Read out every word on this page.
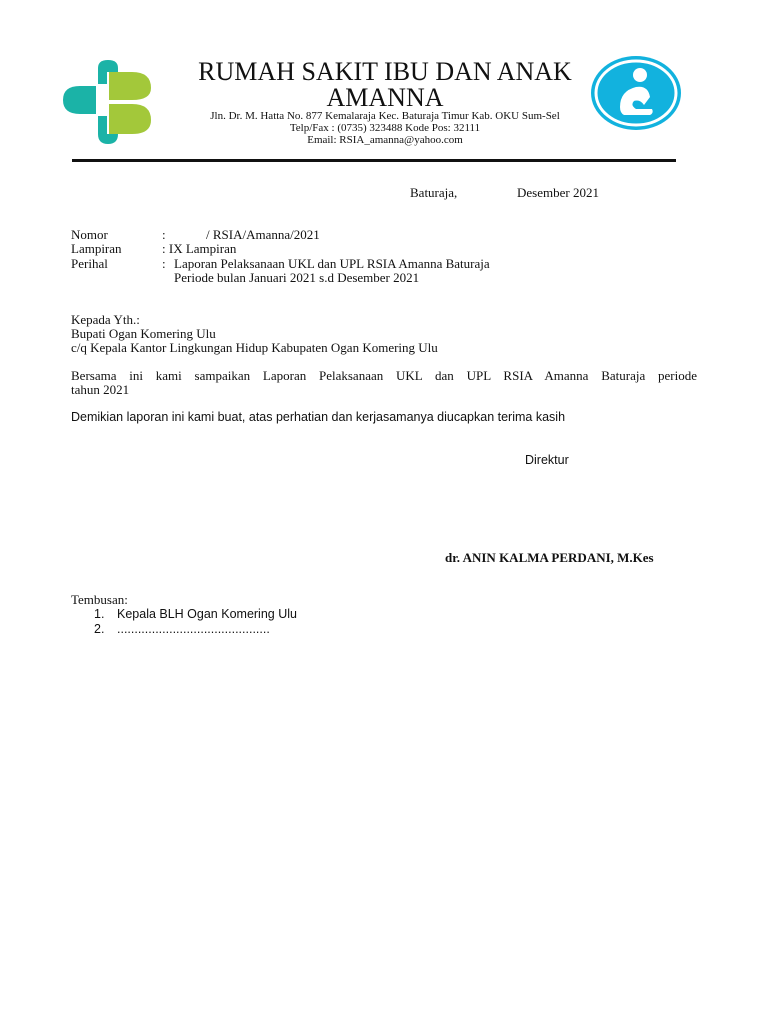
RUMAH SAKIT IBU DAN ANAK
AMANNA
Jln. Dr. M. Hatta No. 877 Kemalaraja Kec. Baturaja Timur Kab. OKU Sum-Sel
Telp/Fax : (0735) 323488 Kode Pos: 32111
Email: RSIA_amanna@yahoo.com
Baturaja,	Desember 2021
Nomor	:	/ RSIA/Amanna/2021
Lampiran	: IX Lampiran
Perihal	: Laporan Pelaksanaan UKL dan UPL RSIA Amanna Baturaja
Periode bulan Januari 2021 s.d Desember 2021
Kepada Yth.:
Bupati Ogan Komering Ulu
c/q Kepala Kantor Lingkungan Hidup Kabupaten Ogan Komering Ulu
Bersama ini kami sampaikan Laporan Pelaksanaan UKL dan UPL RSIA Amanna Baturaja periode
tahun 2021
Demikian laporan ini kami buat, atas perhatian dan kerjasamanya diucapkan terima kasih
Direktur
dr. ANIN KALMA PERDANI, M.Kes
Tembusan:
1. Kepala BLH Ogan Komering Ulu
2. ............................................
